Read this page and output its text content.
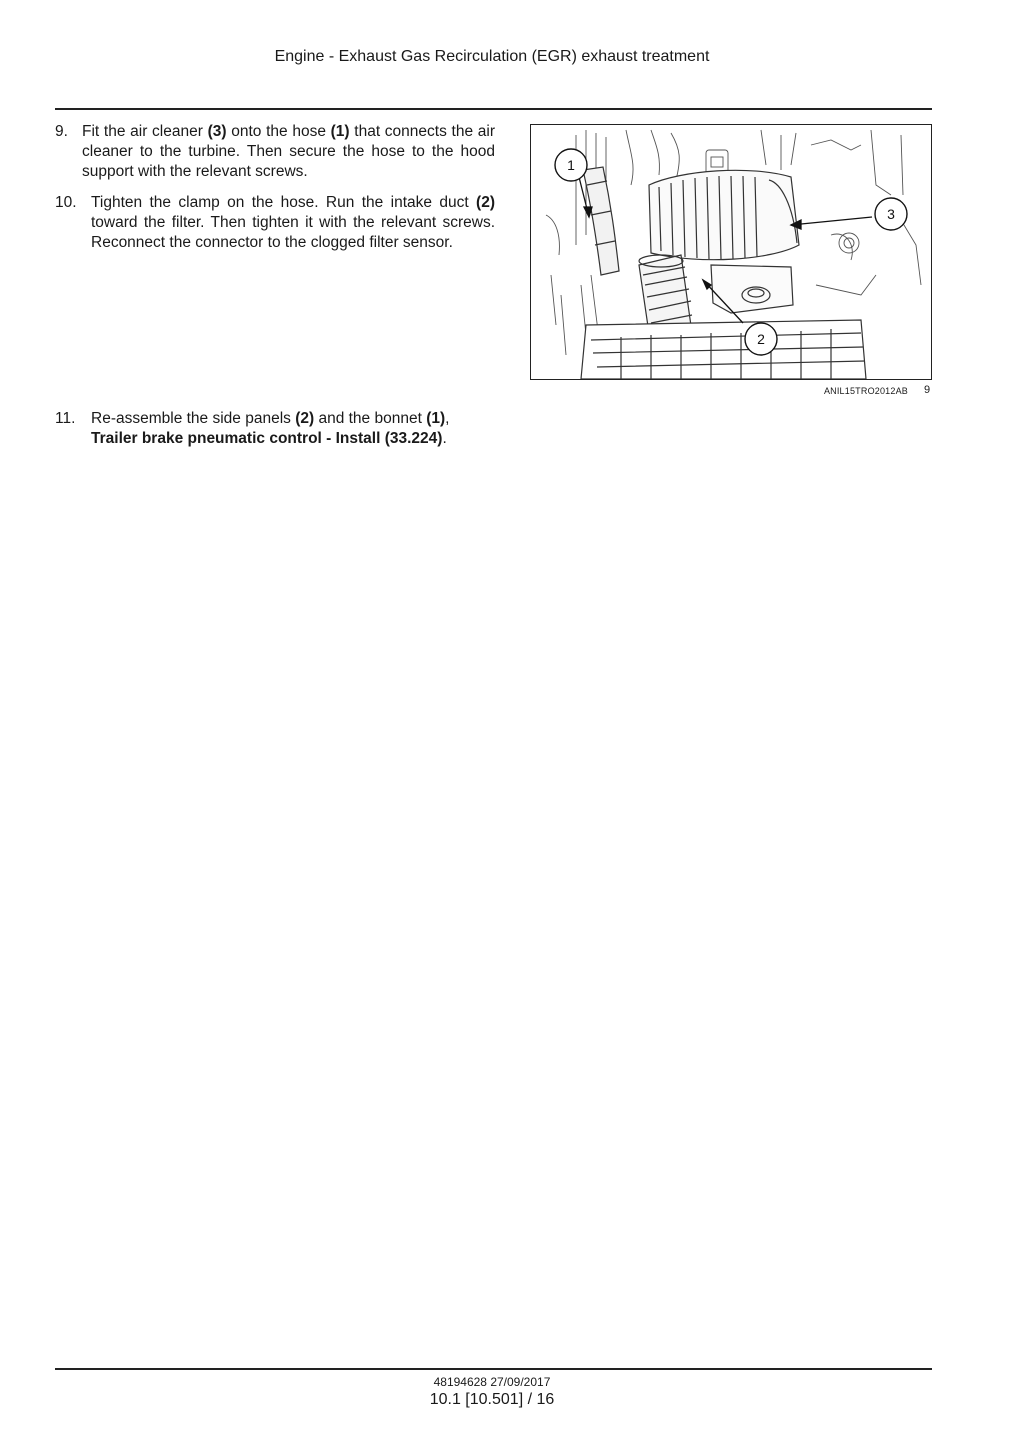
Engine - Exhaust Gas Recirculation (EGR) exhaust treatment
9. Fit the air cleaner (3) onto the hose (1) that connects the air cleaner to the turbine. Then secure the hose to the hood support with the relevant screws.
10. Tighten the clamp on the hose. Run the intake duct (2) toward the filter. Then tighten it with the relevant screws. Reconnect the connector to the clogged filter sensor.
11. Re-assemble the side panels (2) and the bonnet (1),
Trailer brake pneumatic control - Install (33.224).
1
3
2
ANIL15TRO2012AB 9
48194628 27/09/2017
10.1 [10.501] / 16
